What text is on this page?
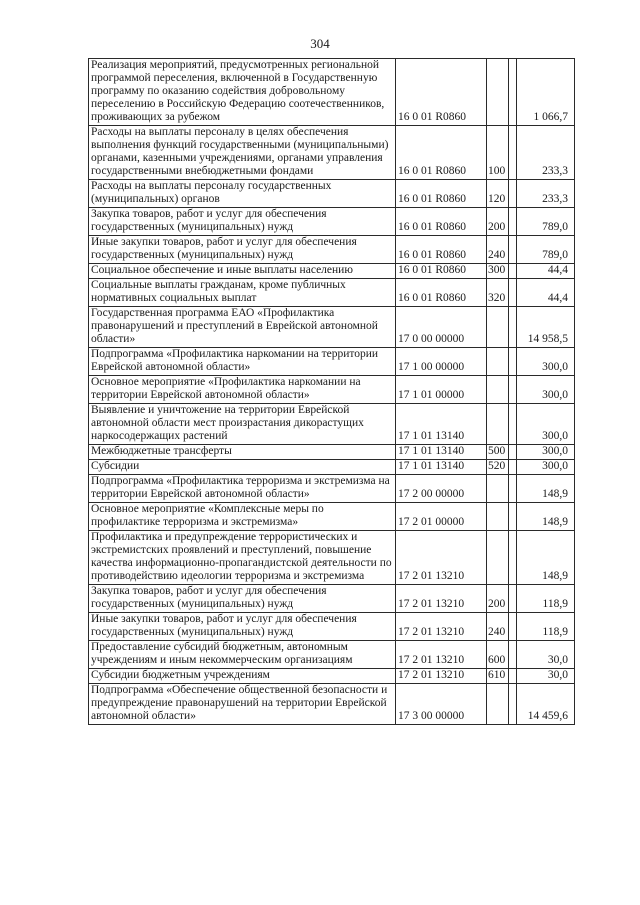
304
Реализация мероприятий, предусмотренных региональной программой переселения, включенной в Государственную программу по оказанию содействия добровольному переселению в Российскую Федерацию соотечественников, проживающих за рубежом	16 0 01 R0860			1 066,7
Расходы на выплаты персоналу в целях обеспечения выполнения функций государственными (муниципальными) органами, казенными учреждениями, органами управления государственными внебюджетными фондами	16 0 01 R0860	100		233,3
Расходы на выплаты персоналу государственных (муниципальных) органов	16 0 01 R0860	120		233,3
Закупка товаров, работ и услуг для обеспечения государственных (муниципальных) нужд	16 0 01 R0860	200		789,0
Иные закупки товаров, работ и услуг для обеспечения государственных (муниципальных) нужд	16 0 01 R0860	240		789,0
Социальное обеспечение и иные выплаты населению	16 0 01 R0860	300		44,4
Социальные выплаты гражданам, кроме публичных нормативных социальных выплат	16 0 01 R0860	320		44,4
Государственная программа ЕАО «Профилактика правонарушений и преступлений в Еврейской автономной области»	17 0 00 00000			14 958,5
Подпрограмма «Профилактика наркомании на территории Еврейской автономной области»	17 1 00 00000			300,0
Основное мероприятие «Профилактика наркомании на территории Еврейской автономной области»	17 1 01 00000			300,0
Выявление и уничтожение на территории Еврейской автономной области мест произрастания дикорастущих наркосодержащих растений	17 1 01 13140			300,0
Межбюджетные трансферты	17 1 01 13140	500		300,0
Субсидии	17 1 01 13140	520		300,0
Подпрограмма «Профилактика терроризма и экстремизма на территории Еврейской автономной области»	17 2 00 00000			148,9
Основное мероприятие «Комплексные меры по профилактике терроризма и экстремизма»	17 2 01 00000			148,9
Профилактика и предупреждение террористических и экстремистских проявлений и преступлений, повышение качества информационно-пропагандистской деятельности по противодействию идеологии терроризма и экстремизма	17 2 01 13210			148,9
Закупка товаров, работ и услуг для обеспечения государственных (муниципальных) нужд	17 2 01 13210	200		118,9
Иные закупки товаров, работ и услуг для обеспечения государственных (муниципальных) нужд	17 2 01 13210	240		118,9
Предоставление субсидий бюджетным, автономным учреждениям и иным некоммерческим организациям	17 2 01 13210	600		30,0
Субсидии бюджетным учреждениям	17 2 01 13210	610		30,0
Подпрограмма «Обеспечение общественной безопасности и предупреждение правонарушений на территории Еврейской автономной области»	17 3 00 00000			14 459,6
